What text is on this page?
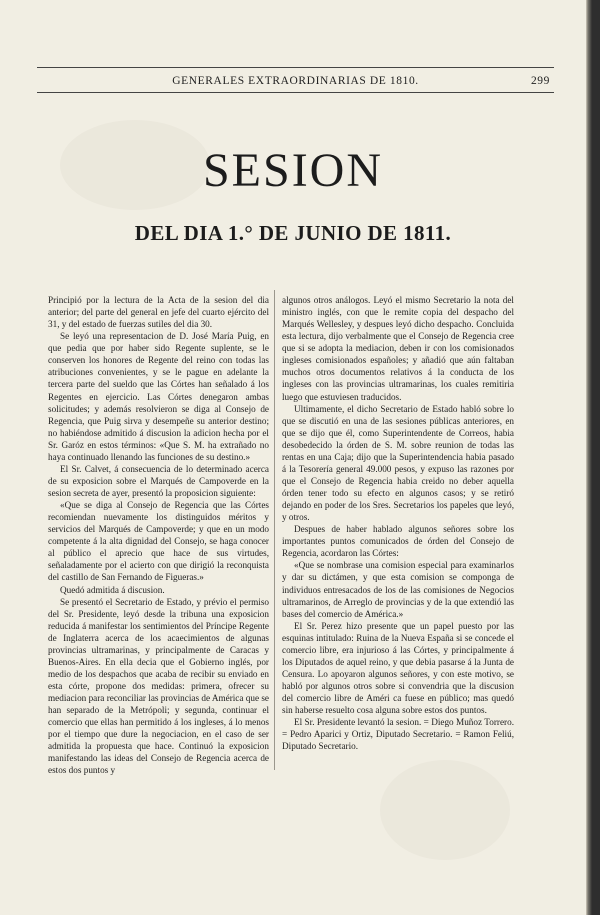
GENERALES EXTRAORDINARIAS DE 1810.	299
SESION
DEL DIA 1.° DE JUNIO DE 1811.

Principió por la lectura de la Acta de la sesion del dia anterior; del parte del general en jefe del cuarto ejército del 31, y del estado de fuerzas sutiles del dia 30.

Se leyó una representacion de D. José María Puig, en que pedia que por haber sido Regente suplente, se le conserven los honores de Regente del reino con todas las atribuciones convenientes, y se le pague en adelante la tercera parte del sueldo que las Córtes han señalado á los Regentes en ejercicio. Las Córtes denegaron ambas solicitudes; y además resolvieron se diga al Consejo de Regencia, que Puig sirva y desempeñe su anterior destino; no habiéndose admitido á discusion la adicion hecha por el Sr. Garóz en estos términos: «Que S. M. ha extrañado no haya continuado llenando las funciones de su destino.»

El Sr. Calvet, á consecuencia de lo determinado acerca de su exposicion sobre el Marqués de Campoverde en la sesion secreta de ayer, presentó la proposicion siguiente:

«Que se diga al Consejo de Regencia que las Córtes recomiendan nuevamente los distinguidos méritos y servicios del Marqués de Campoverde; y que en un modo competente á la alta dignidad del Consejo, se haga conocer al público el aprecio que hace de sus virtudes, señaladamente por el acierto con que dirigió la reconquista del castillo de San Fernando de Figueras.»

Quedó admitida á discusion.

Se presentó el Secretario de Estado, y prévio el permiso del Sr. Presidente, leyó desde la tribuna una exposicion reducida á manifestar los sentimientos del Príncipe Regente de Inglaterra acerca de los acaecimientos de algunas provincias ultramarinas, y principalmente de Caracas y Buenos-Aires. En ella decia que el Gobierno inglés, por medio de los despachos que acaba de recibir su enviado en esta córte, propone dos medidas: primera, ofrecer su mediacion para reconciliar las provincias de América que se han separado de la Metrópoli; y segunda, continuar el comercio que ellas han permitido á los ingleses, á lo menos por el tiempo que dure la negociacion, en el caso de ser admitida la propuesta que hace. Continuó la exposicion manifestando las ideas del Consejo de Regencia acerca de estos dos puntos y

algunos otros análogos. Leyó el mismo Secretario la nota del ministro inglés, con que le remite copia del despacho del Marqués Wellesley, y despues leyó dicho despacho. Concluida esta lectura, dijo verbalmente que el Consejo de Regencia cree que si se adopta la mediacion, deben ir con los comisionados ingleses comisionados españoles; y añadió que aún faltaban muchos otros documentos relativos á la conducta de los ingleses con las provincias ultramarinas, los cuales remitiria luego que estuviesen traducidos.

Ultimamente, el dicho Secretario de Estado habló sobre lo que se discutió en una de las sesiones públicas anteriores, en que se dijo que él, como Superintendente de Correos, habia desobedecido la órden de S. M. sobre reunion de todas las rentas en una Caja; dijo que la Superintendencia habia pasado á la Tesorería general 49.000 pesos, y expuso las razones por que el Consejo de Regencia habia creido no deber aquella órden tener todo su efecto en algunos casos; y se retiró dejando en poder de los Sres. Secretarios los papeles que leyó, y otros.

Despues de haber hablado algunos señores sobre los importantes puntos comunicados de órden del Consejo de Regencia, acordaron las Córtes:

«Que se nombrase una comision especial para examinarlos y dar su dictámen, y que esta comision se componga de individuos entresacados de los de las comisiones de Negocios ultramarinos, de Arreglo de provincias y de la que extendió las bases del comercio de América.»

El Sr. Perez hizo presente que un papel puesto por las esquinas intitulado: Ruina de la Nueva España si se concede el comercio libre, era injurioso á las Córtes, y principalmente á los Diputados de aquel reino, y que debia pasarse á la Junta de Censura. Lo apoyaron algunos señores, y con este motivo, se habló por algunos otros sobre si convendria que la discusion del comercio libre de Améri ca fuese en público; mas quedó sin haberse resuelto cosa alguna sobre estos dos puntos.

El Sr. Presidente levantó la sesion. = Diego Muñoz Torrero. = Pedro Aparici y Ortiz, Diputado Secretario. = Ramon Feliú, Diputado Secretario.
